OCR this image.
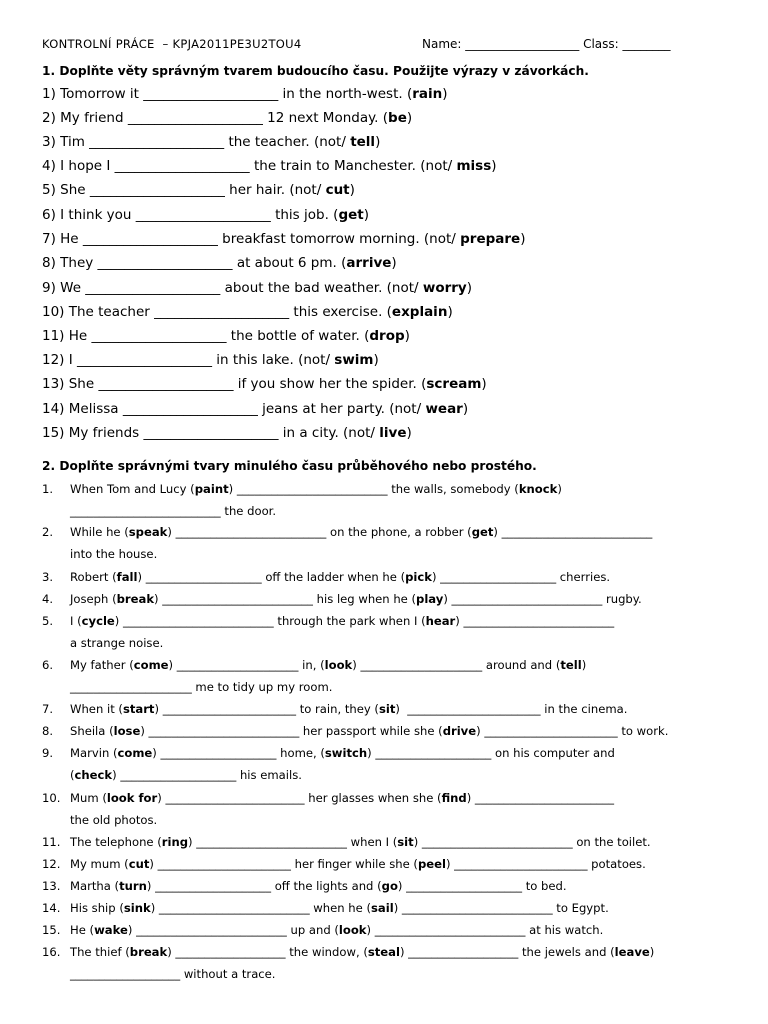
KONTROLNÍ PRÁCE  – KPJA2011PE3U2TOU4	Name: ___________________ Class: ________
1. Doplňte věty správným tvarem budoucího času. Použijte výrazy v závorkách.
1) Tomorrow it ____________________ in the north-west. (rain)
2) My friend ____________________ 12 next Monday. (be)
3) Tim ____________________ the teacher. (not/ tell)
4) I hope I ____________________ the train to Manchester. (not/ miss)
5) She ____________________ her hair. (not/ cut)
6) I think you ____________________ this job. (get)
7) He ____________________ breakfast tomorrow morning. (not/ prepare)
8) They ____________________ at about 6 pm. (arrive)
9) We ____________________ about the bad weather. (not/ worry)
10) The teacher ____________________ this exercise. (explain)
11) He ____________________ the bottle of water. (drop)
12) I ____________________ in this lake. (not/ swim)
13) She ____________________ if you show her the spider. (scream)
14) Melissa ____________________ jeans at her party. (not/ wear)
15) My friends ____________________ in a city. (not/ live)
2. Doplňte správnými tvary minulého času průběhového nebo prostého.
1. When Tom and Lucy (paint) __________________________ the walls, somebody (knock)
__________________________ the door.
2. While he (speak) __________________________ on the phone, a robber (get) __________________________
into the house.
3. Robert (fall) ____________________ off the ladder when he (pick) ____________________ cherries.
4. Joseph (break) __________________________ his leg when he (play) __________________________ rugby.
5. I (cycle) __________________________ through the park when I (hear) __________________________
a strange noise.
6. My father (come) _____________________ in, (look) _____________________ around and (tell)
_____________________ me to tidy up my room.
7. When it (start) _______________________ to rain, they (sit)  _______________________ in the cinema.
8. Sheila (lose) __________________________ her passport while she (drive) _______________________ to work.
9. Marvin (come) ____________________ home, (switch) ____________________ on his computer and
(check) ____________________ his emails.
10. Mum (look for) ________________________ her glasses when she (find) ________________________
the old photos.
11. The telephone (ring) __________________________ when I (sit) __________________________ on the toilet.
12. My mum (cut) _______________________ her finger while she (peel) _______________________ potatoes.
13. Martha (turn) ____________________ off the lights and (go) ____________________ to bed.
14. His ship (sink) __________________________ when he (sail) __________________________ to Egypt.
15. He (wake) __________________________ up and (look) __________________________ at his watch.
16. The thief (break) ___________________ the window, (steal) ___________________ the jewels and (leave)
___________________ without a trace.
